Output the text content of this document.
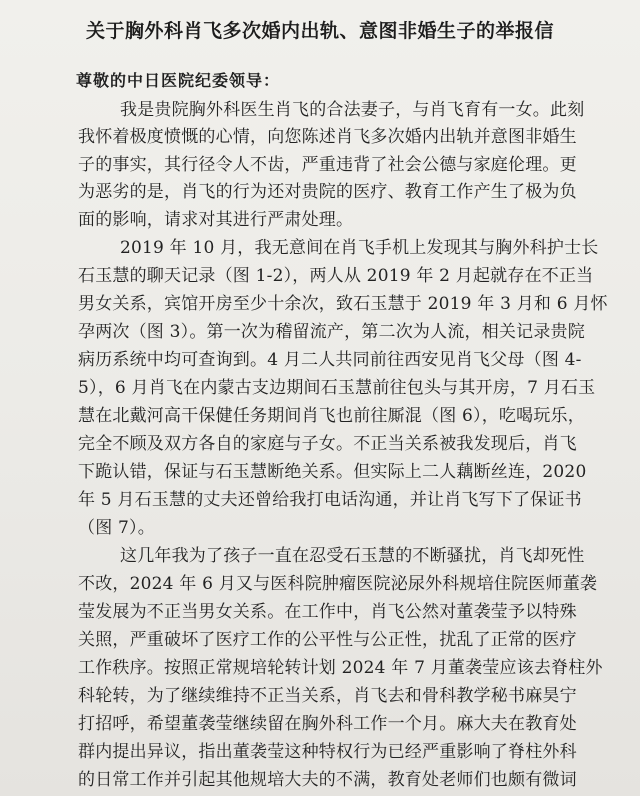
关于胸外科肖飞多次婚内出轨、意图非婚生子的举报信
尊敬的中日医院纪委领导：
我是贵院胸外科医生肖飞的合法妻子，与肖飞育有一女。此刻
我怀着极度愤慨的心情，向您陈述肖飞多次婚内出轨并意图非婚生
子的事实，其行径令人不齿，严重违背了社会公德与家庭伦理。更
为恶劣的是，肖飞的行为还对贵院的医疗、教育工作产生了极为负
面的影响，请求对其进行严肃处理。
2019 年 10 月，我无意间在肖飞手机上发现其与胸外科护士长
石玉慧的聊天记录（图 1-2），两人从 2019 年 2 月起就存在不正当
男女关系，宾馆开房至少十余次，致石玉慧于 2019 年 3 月和 6 月怀
孕两次（图 3）。第一次为稽留流产，第二次为人流，相关记录贵院
病历系统中均可查询到。4 月二人共同前往西安见肖飞父母（图 4-
5），6 月肖飞在内蒙古支边期间石玉慧前往包头与其开房，7 月石玉
慧在北戴河高干保健任务期间肖飞也前往厮混（图 6），吃喝玩乐，
完全不顾及双方各自的家庭与子女。不正当关系被我发现后，肖飞
下跪认错，保证与石玉慧断绝关系。但实际上二人藕断丝连，2020
年 5 月石玉慧的丈夫还曾给我打电话沟通，并让肖飞写下了保证书
（图 7）。
这几年我为了孩子一直在忍受石玉慧的不断骚扰，肖飞却死性
不改，2024 年 6 月又与医科院肿瘤医院泌尿外科规培住院医师董袭
莹发展为不正当男女关系。在工作中，肖飞公然对董袭莹予以特殊
关照，严重破坏了医疗工作的公平性与公正性，扰乱了正常的医疗
工作秩序。按照正常规培轮转计划 2024 年 7 月董袭莹应该去脊柱外
科轮转，为了继续维持不正当关系，肖飞去和骨科教学秘书麻昊宁
打招呼，希望董袭莹继续留在胸外科工作一个月。麻大夫在教育处
群内提出异议，指出董袭莹这种特权行为已经严重影响了脊柱外科
的日常工作并引起其他规培大夫的不满，教育处老师们也颇有微词
